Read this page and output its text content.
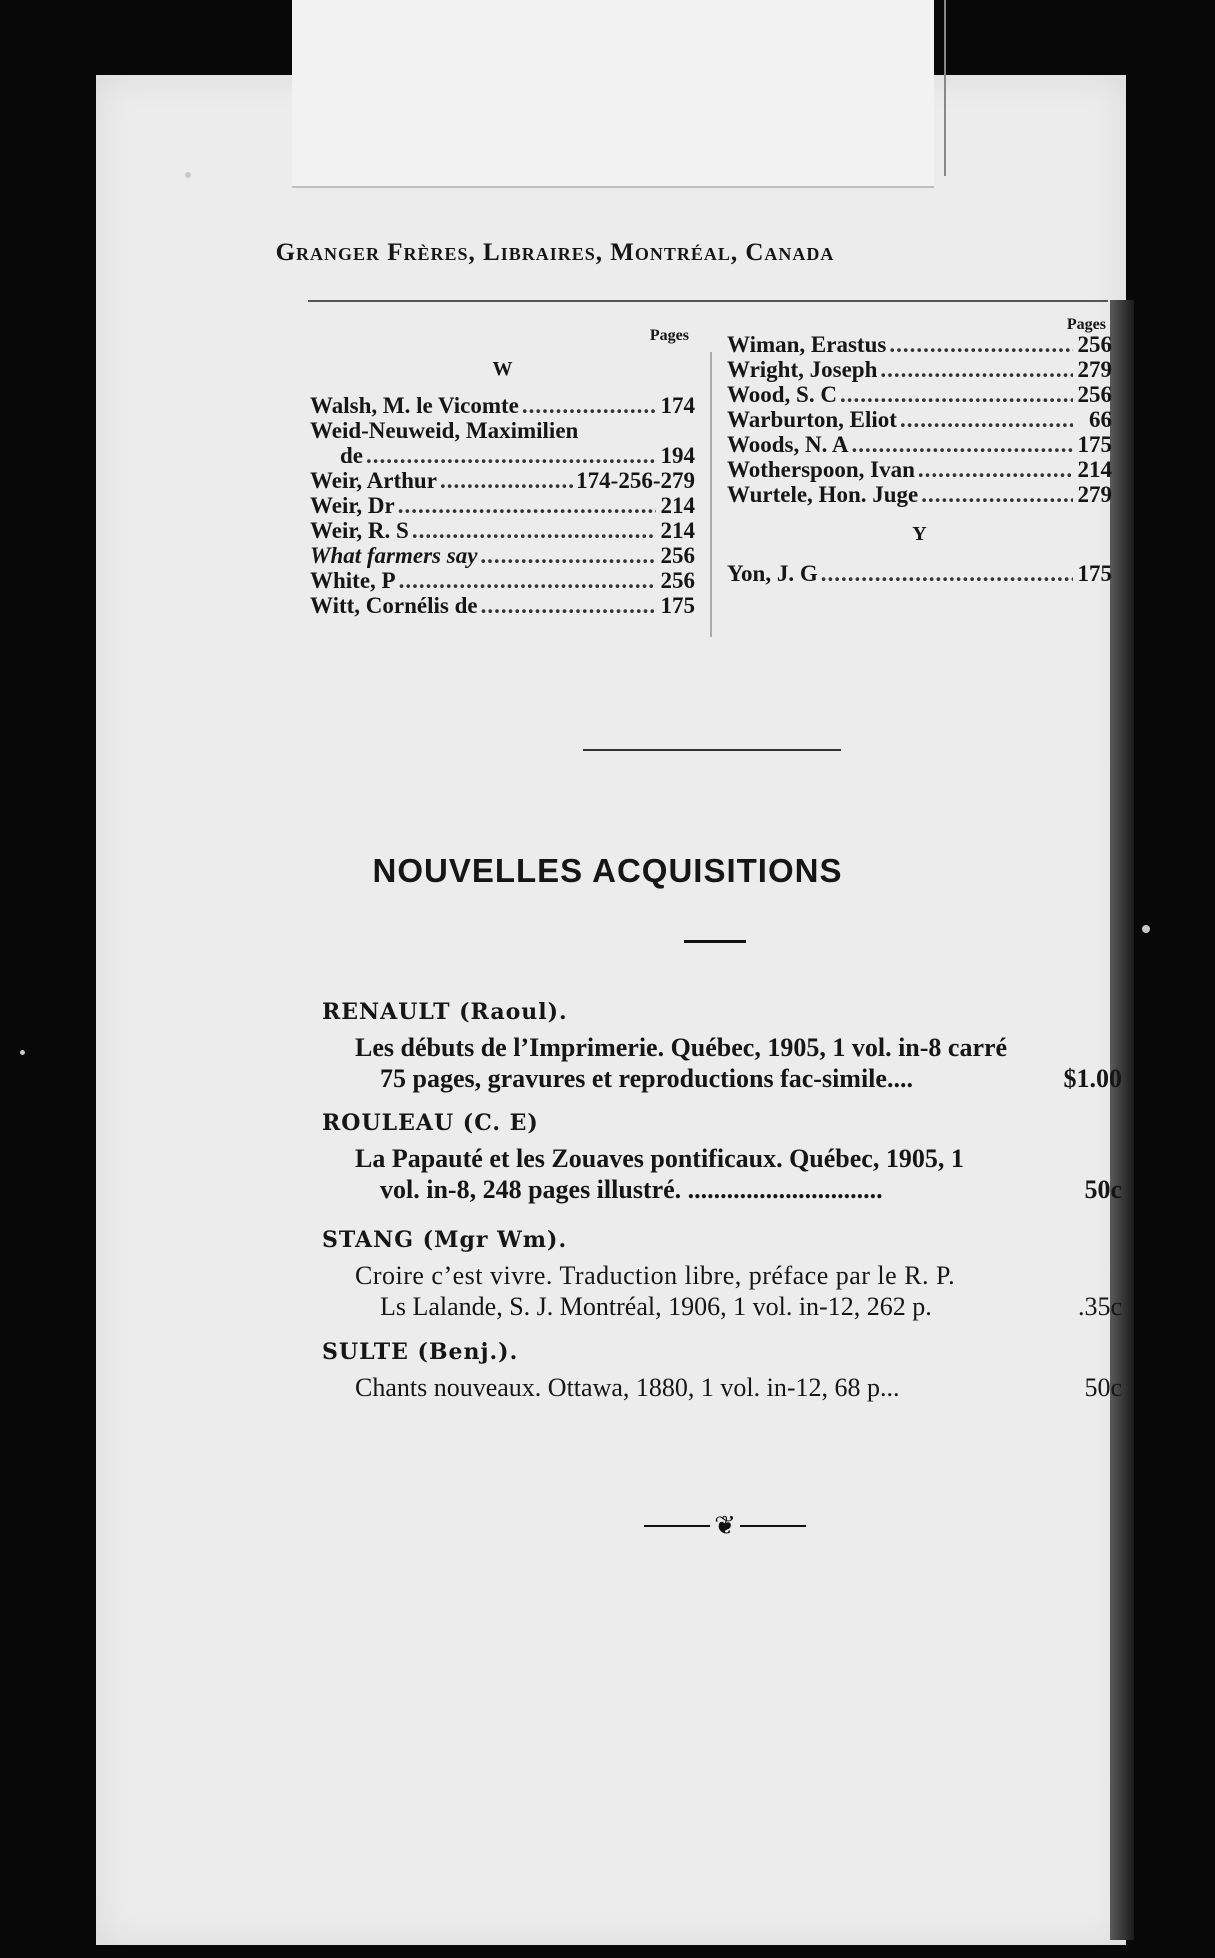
Granger Frères, Libraires, Montréal, Canada
Pages
W
Walsh, M. le Vicomte .....	174
Weid-Neuweid, Maximilien
de .....	194
Weir, Arthur .....	174-256-279
Weir, Dr .....	214
Weir, R. S .....	214
What farmers say .....	256
White, P .....	256
Witt, Cornélis de .....	175
Pages
Wiman, Erastus .....	256
Wright, Joseph .....	279
Wood, S. C .....	256
Warburton, Eliot .....	66
Woods, N. A .....	175
Wotherspoon, Ivan .....	214
Wurtele, Hon. Juge .....	279
Y
Yon, J. G .....	175
NOUVELLES ACQUISITIONS
RENAULT (Raoul).
Les débuts de l’Imprimerie. Québec, 1905, 1 vol. in-8 carré
75 pages, gravures et reproductions fac-simile....	$1.00
ROULEAU (C. E)
La Papauté et les Zouaves pontificaux. Québec, 1905, 1
vol. in-8, 248 pages illustré. ..............................	50c
STANG (Mgr Wm).
Croire c’est vivre. Traduction libre, préface par le R. P.
Ls Lalande, S. J. Montréal, 1906, 1 vol. in-12, 262 p.	.35c
SULTE (Benj.).
Chants nouveaux. Ottawa, 1880, 1 vol. in-12, 68 p...	50c
❦
